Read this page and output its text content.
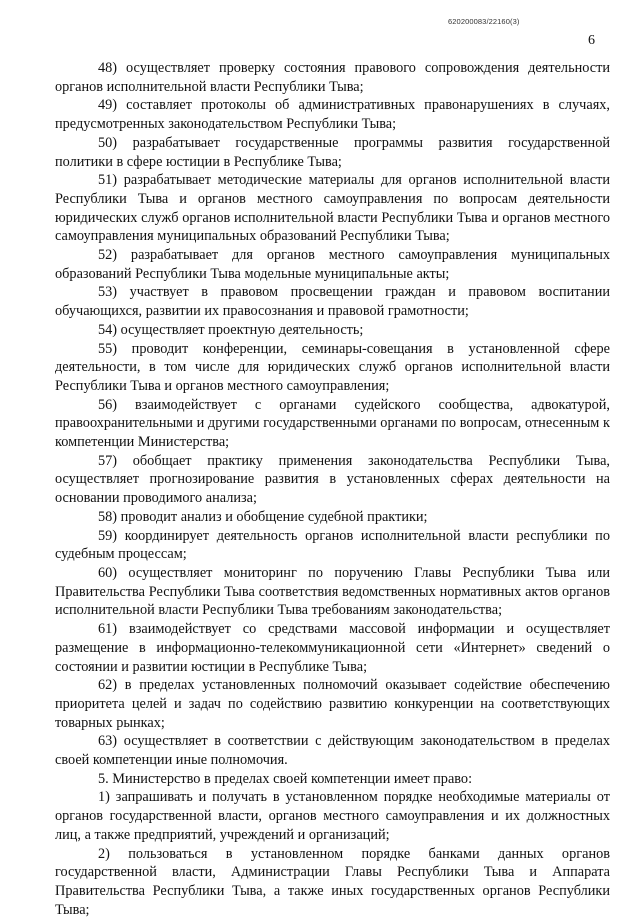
620200083/22160(3)
6

48) осуществляет проверку состояния правового сопровождения деятельности органов исполнительной власти Республики Тыва;

49) составляет протоколы об административных правонарушениях в случаях, предусмотренных законодательством Республики Тыва;

50) разрабатывает государственные программы развития государственной политики в сфере юстиции в Республике Тыва;

51) разрабатывает методические материалы для органов исполнительной власти Республики Тыва и органов местного самоуправления по вопросам деятельности юридических служб органов исполнительной власти Республики Тыва и органов местного самоуправления муниципальных образований Республики Тыва;

52) разрабатывает для органов местного самоуправления муниципальных образований Республики Тыва модельные муниципальные акты;

53) участвует в правовом просвещении граждан и правовом воспитании обучающихся, развитии их правосознания и правовой грамотности;

54) осуществляет проектную деятельность;

55) проводит конференции, семинары-совещания в установленной сфере деятельности, в том числе для юридических служб органов исполнительной власти Республики Тыва и органов местного самоуправления;

56) взаимодействует с органами судейского сообщества, адвокатурой, правоохранительными и другими государственными органами по вопросам, отнесенным к компетенции Министерства;

57) обобщает практику применения законодательства Республики Тыва, осуществляет прогнозирование развития в установленных сферах деятельности на основании проводимого анализа;

58) проводит анализ и обобщение судебной практики;

59) координирует деятельность органов исполнительной власти республики по судебным процессам;

60) осуществляет мониторинг по поручению Главы Республики Тыва или Правительства Республики Тыва соответствия ведомственных нормативных актов органов исполнительной власти Республики Тыва требованиям законодательства;

61) взаимодействует со средствами массовой информации и осуществляет размещение в информационно-телекоммуникационной сети «Интернет» сведений о состоянии и развитии юстиции в Республике Тыва;

62) в пределах установленных полномочий оказывает содействие обеспечению приоритета целей и задач по содействию развитию конкуренции на соответствующих товарных рынках;

63) осуществляет в соответствии с действующим законодательством в пределах своей компетенции иные полномочия.

5. Министерство в пределах своей компетенции имеет право:

1) запрашивать и получать в установленном порядке необходимые материалы от органов государственной власти, органов местного самоуправления и их должностных лиц, а также предприятий, учреждений и организаций;

2) пользоваться в установленном порядке банками данных органов государственной власти, Администрации Главы Республики Тыва и Аппарата Правительства Республики Тыва, а также иных государственных органов Республики Тыва;
